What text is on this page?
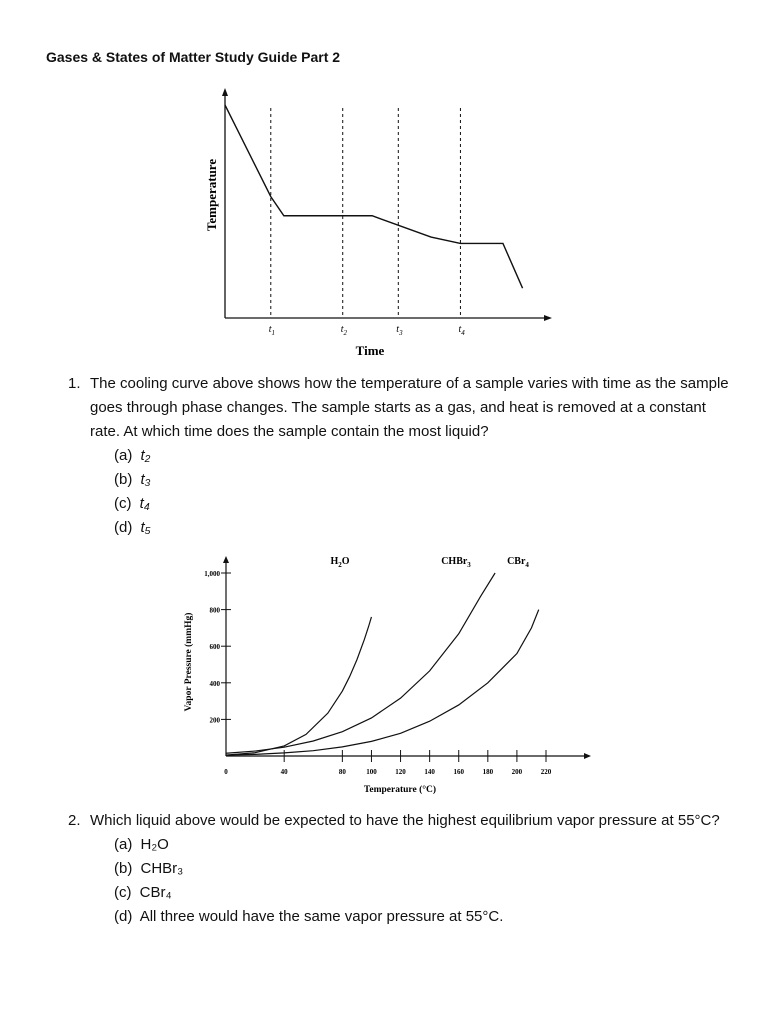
Gases & States of Matter Study Guide Part 2
$t_1$	$t_2$	$t_3$	$t_4$
Time
Temperature
1. The cooling curve above shows how the temperature of a sample varies with time as the sample goes through phase changes. The sample starts as a gas, and heat is removed at a constant rate. At which time does the sample contain the most liquid?
(a) t₂
(b) t₃
(c) t₄
(d) t₅
200
400
600
800
1,000
40	80	100	120	140	160	180	200	220
0
$H_2O$	CHBr$_3$	CBr$_4$
Temperature (°C)
Vapor Pressure (mmHg)
2. Which liquid above would be expected to have the highest equilibrium vapor pressure at 55°C?
(a) H₂O
(b) CHBr₃
(c) CBr₄
(d) All three would have the same vapor pressure at 55°C.
